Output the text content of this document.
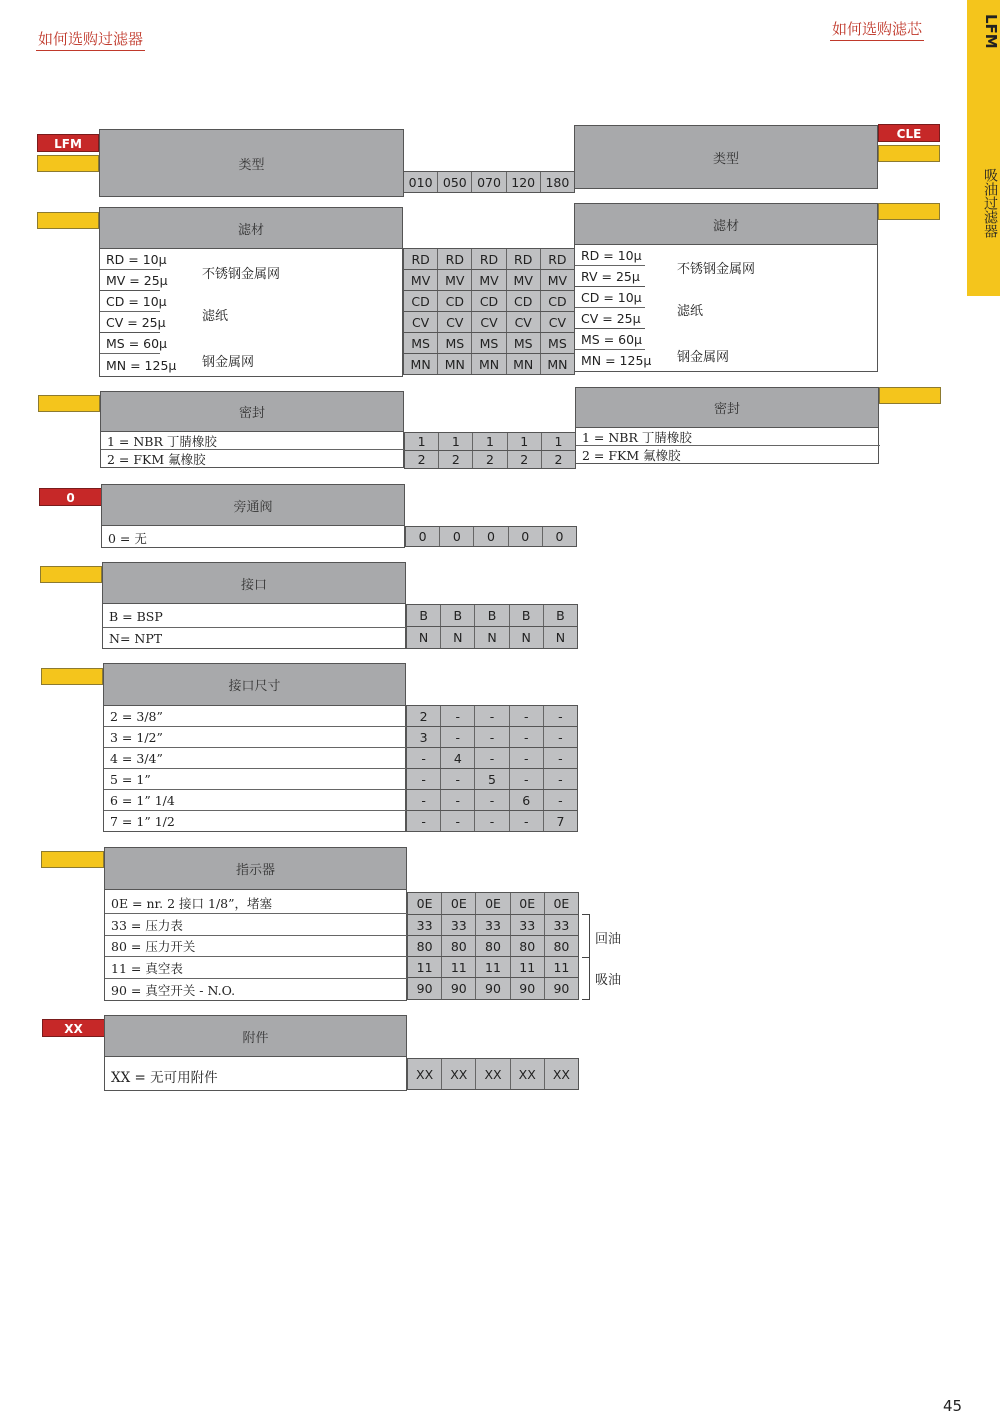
如何选购过滤器
如何选购滤芯	LFM
吸油过滤器
LFM
类型
010 050 070 120 180
类型
CLE
滤材
RD = 10μ
MV = 25μ
CD = 10μ
CV = 25μ
MS = 60μ
MN = 125μ
不锈钢金属网
滤纸
钢金属网
RD	RD	RD	RD	RD
MV	MV	MV	MV	MV
CD	CD	CD	CD	CD
CV	CV	CV	CV	CV
MS	MS	MS	MS	MS
MN	MN	MN	MN	MN
滤材
RD = 10μ
RV = 25μ
CD = 10μ
CV = 25μ
MS = 60μ
MN = 125μ
不锈钢金属网
滤纸
钢金属网
密封
1 = NBR 丁腈橡胶
2 = FKM 氟橡胶
1	1	1	1	1
2	2	2	2	2
密封
1 = NBR 丁腈橡胶
2 = FKM 氟橡胶
0
旁通阀
0 = 无	0	0	0	0	0
接口
B = BSP
N= NPT
B	B	B	B	B
N	N	N	N	N
接口尺寸
2 = 3/8”
3 = 1/2”
4 = 3/4”
5 = 1”
6 = 1” 1/4
7 = 1” 1/2
2	-	-	-	-
3	-	-	-	-
-	4	-	-	-
-	-	5	-	-
-	-	-	6	-
-	-	-	-	7
指示器
0E = nr. 2 接口 1/8”，堵塞
33 = 压力表
80 = 压力开关
11 = 真空表
90 = 真空开关 - N.O.
0E	0E	0E	0E	0E
33	33	33	33	33
80	80	80	80	80
11	11	11	11	11
90	90	90	90	90
回油
吸油
XX
附件
XX = 无可用附件	XX	XX	XX	XX	XX
45
